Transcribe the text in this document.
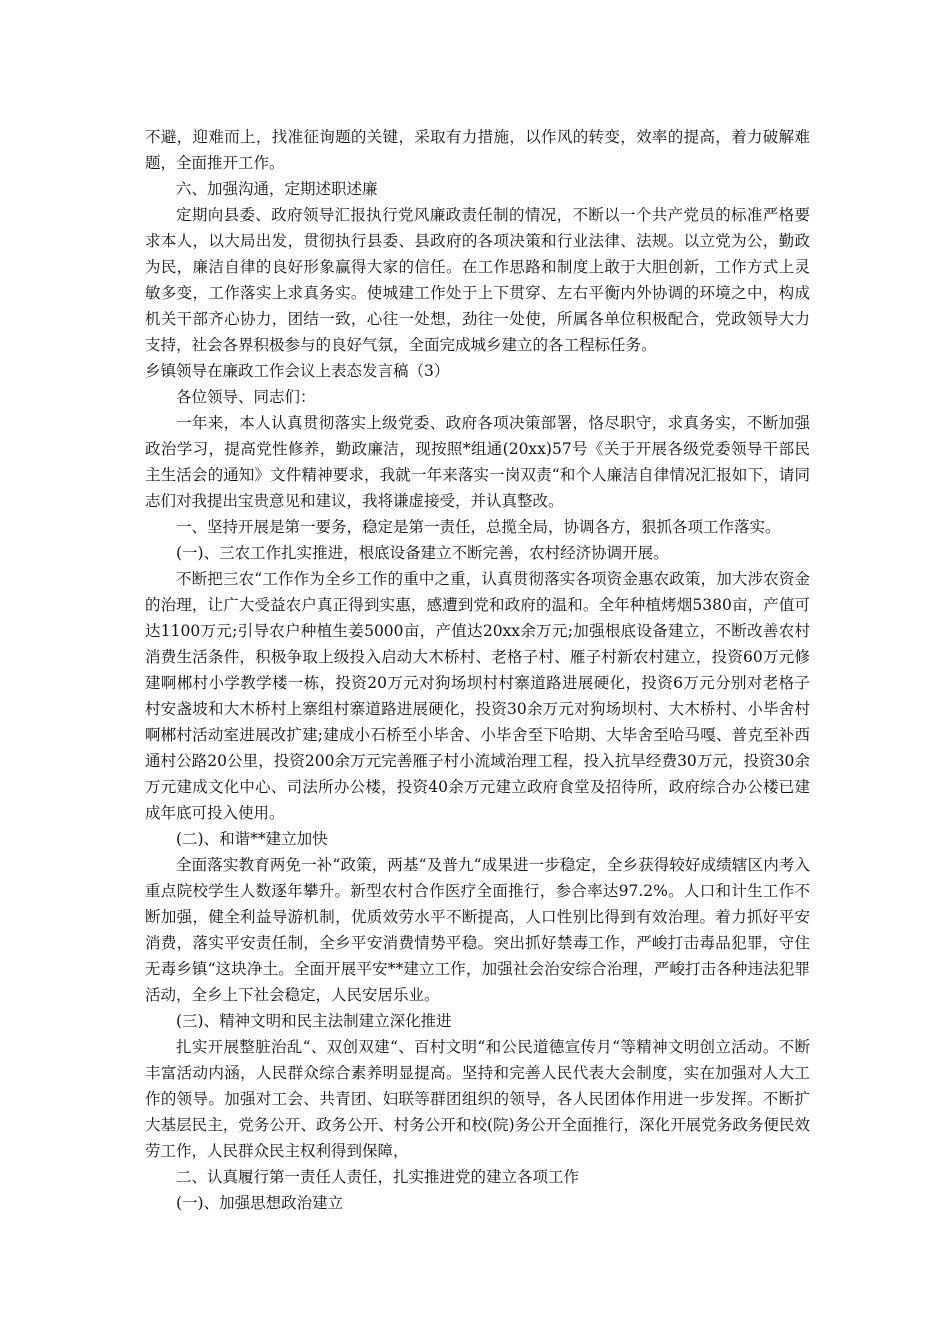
不避，迎难而上，找准征询题的关键，采取有力措施，以作风的转变，效率的提高，着力破解难题，全面推开工作。

六、加强沟通，定期述职述廉

定期向县委、政府领导汇报执行党风廉政责任制的情况，不断以一个共产党员的标准严格要求本人，以大局出发，贯彻执行县委、县政府的各项决策和行业法律、法规。以立党为公，勤政为民，廉洁自律的良好形象赢得大家的信任。在工作思路和制度上敢于大胆创新，工作方式上灵敏多变，工作落实上求真务实。使城建工作处于上下贯穿、左右平衡内外协调的环境之中，构成机关干部齐心协力，团结一致，心往一处想，劲往一处使，所属各单位积极配合，党政领导大力支持，社会各界积极参与的良好气氛，全面完成城乡建立的各工程标任务。

乡镇领导在廉政工作会议上表态发言稿（3）

各位领导、同志们：

一年来，本人认真贯彻落实上级党委、政府各项决策部署，恪尽职守，求真务实，不断加强政治学习，提高党性修养，勤政廉洁，现按照*组通(20xx)57号《关于开展各级党委领导干部民主生活会的通知》文件精神要求，我就一年来落实一岗双责“和个人廉洁自律情况汇报如下，请同志们对我提出宝贵意见和建议，我将谦虚接受，并认真整改。

一、坚持开展是第一要务，稳定是第一责任，总揽全局，协调各方，狠抓各项工作落实。

(一)、三农工作扎实推进，根底设备建立不断完善，农村经济协调开展。

不断把三农“工作作为全乡工作的重中之重，认真贯彻落实各项资金惠农政策，加大涉农资金的治理，让广大受益农户真正得到实惠，感遭到党和政府的温和。全年种植烤烟5380亩，产值可达1100万元;引导农户种植生姜5000亩，产值达20xx余万元;加强根底设备建立，不断改善农村消费生活条件，积极争取上级投入启动大木桥村、老格子村、雁子村新农村建立，投资60万元修建啊郴村小学教学楼一栋，投资20万元对狗场坝村村寨道路进展硬化，投资6万元分别对老格子村安盏坡和大木桥村上寨组村寨道路进展硬化，投资30余万元对狗场坝村、大木桥村、小毕舍村啊郴村活动室进展改扩建;建成小石桥至小毕舍、小毕舍至下哈期、大毕舍至哈马嘎、普克至补西通村公路20公里，投资200余万元完善雁子村小流域治理工程，投入抗旱经费30万元，投资30余万元建成文化中心、司法所办公楼，投资40余万元建立政府食堂及招待所，政府综合办公楼已建成年底可投入使用。

(二)、和谐**建立加快

全面落实教育两免一补“政策，两基“及普九“成果进一步稳定，全乡获得较好成绩辖区内考入重点院校学生人数逐年攀升。新型农村合作医疗全面推行，参合率达97.2%。人口和计生工作不断加强，健全利益导游机制，优质效劳水平不断提高，人口性别比得到有效治理。着力抓好平安消费，落实平安责任制，全乡平安消费情势平稳。突出抓好禁毒工作，严峻打击毒品犯罪，守住无毒乡镇“这块净土。全面开展平安**建立工作，加强社会治安综合治理，严峻打击各种违法犯罪活动，全乡上下社会稳定，人民安居乐业。

(三)、精神文明和民主法制建立深化推进

扎实开展整脏治乱“、双创双建“、百村文明“和公民道德宣传月“等精神文明创立活动。不断丰富活动内涵，人民群众综合素养明显提高。坚持和完善人民代表大会制度，实在加强对人大工作的领导。加强对工会、共青团、妇联等群团组织的领导，各人民团体作用进一步发挥。不断扩大基层民主，党务公开、政务公开、村务公开和校(院)务公开全面推行，深化开展党务政务便民效劳工作，人民群众民主权利得到保障，

二、认真履行第一责任人责任，扎实推进党的建立各项工作

(一)、加强思想政治建立
